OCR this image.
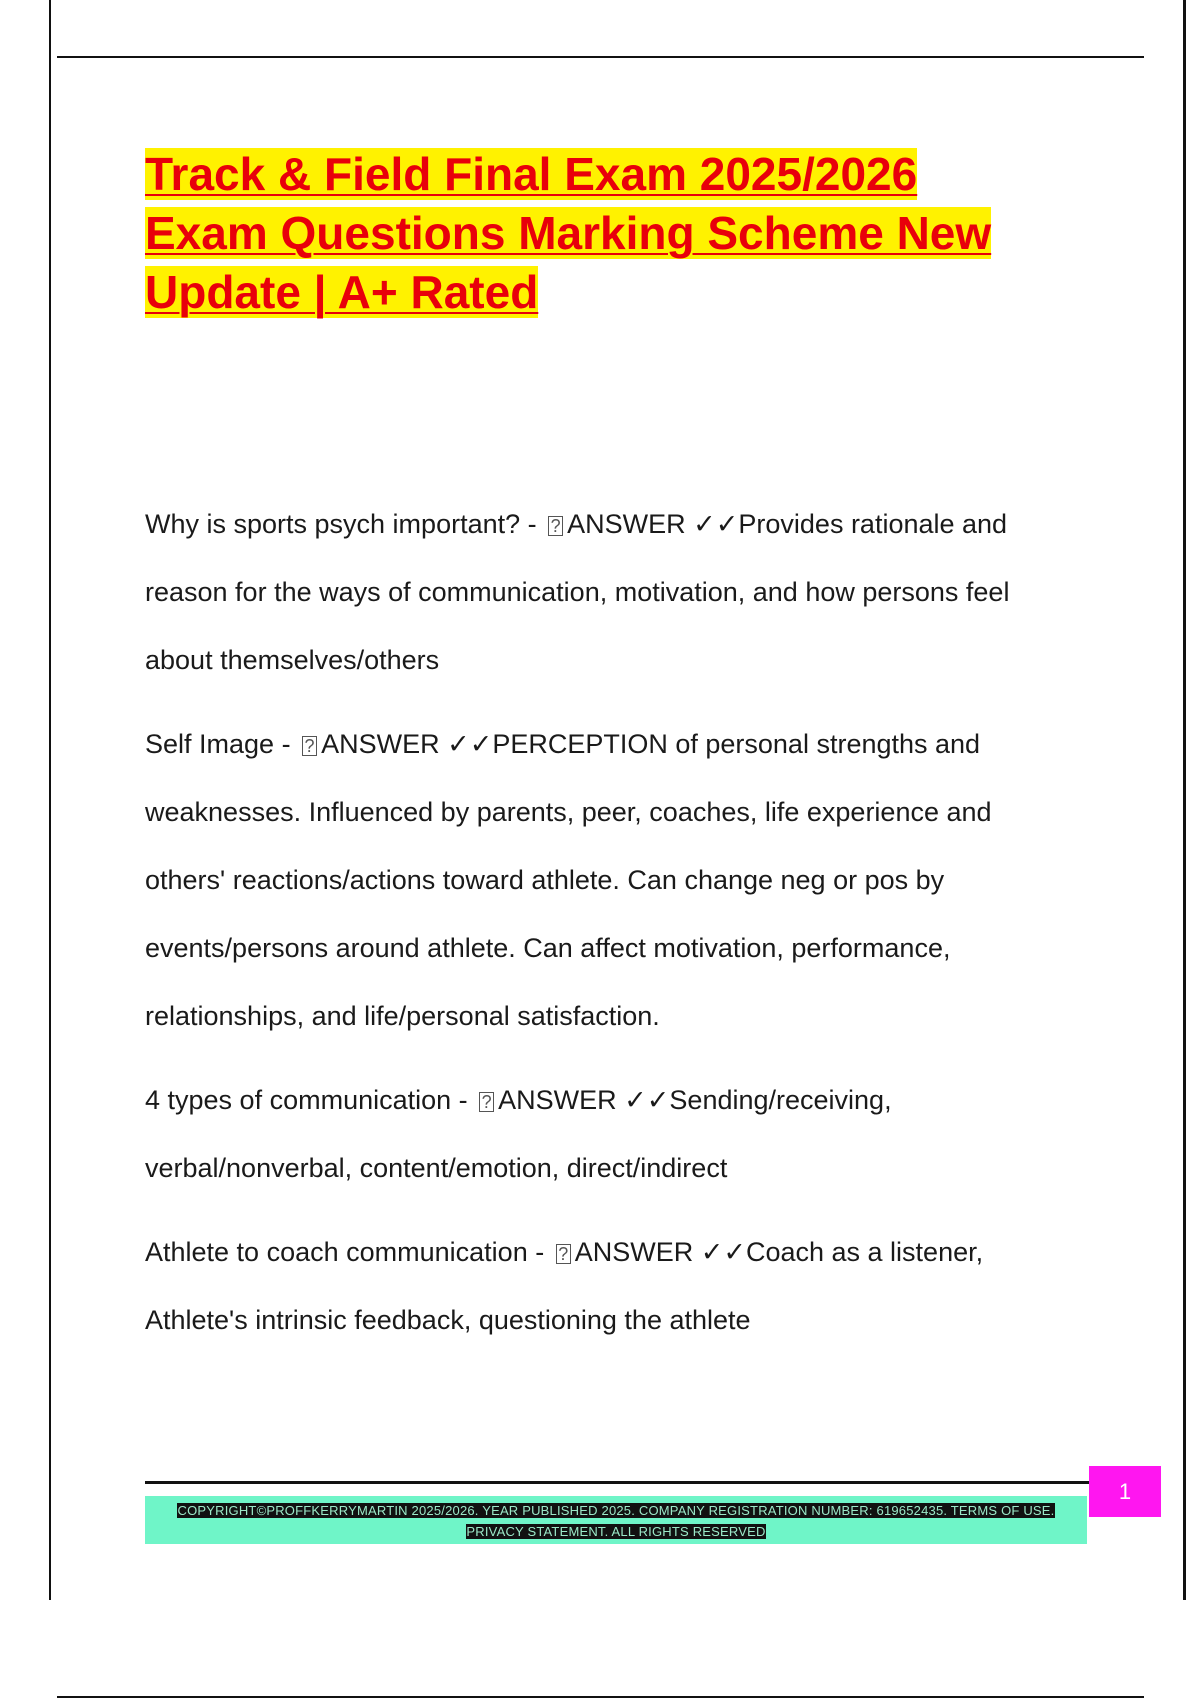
Track & Field Final Exam 2025/2026

Exam Questions Marking Scheme New

Update | A+ Rated

Why is sports psych important? - ? ANSWER ✓✓Provides rationale and reason for the ways of communication, motivation, and how persons feel about themselves/others

Self Image - ? ANSWER ✓✓PERCEPTION of personal strengths and weaknesses. Influenced by parents, peer, coaches, life experience and others' reactions/actions toward athlete. Can change neg or pos by events/persons around athlete. Can affect motivation, performance, relationships, and life/personal satisfaction.

4 types of communication - ? ANSWER ✓✓Sending/receiving, verbal/nonverbal, content/emotion, direct/indirect

Athlete to coach communication - ? ANSWER ✓✓Coach as a listener, Athlete's intrinsic feedback, questioning the athlete

COPYRIGHT©PROFFKERRYMARTIN 2025/2026. YEAR PUBLISHED 2025. COMPANY REGISTRATION NUMBER: 619652435. TERMS OF USE.
PRIVACY STATEMENT. ALL RIGHTS RESERVED
1
